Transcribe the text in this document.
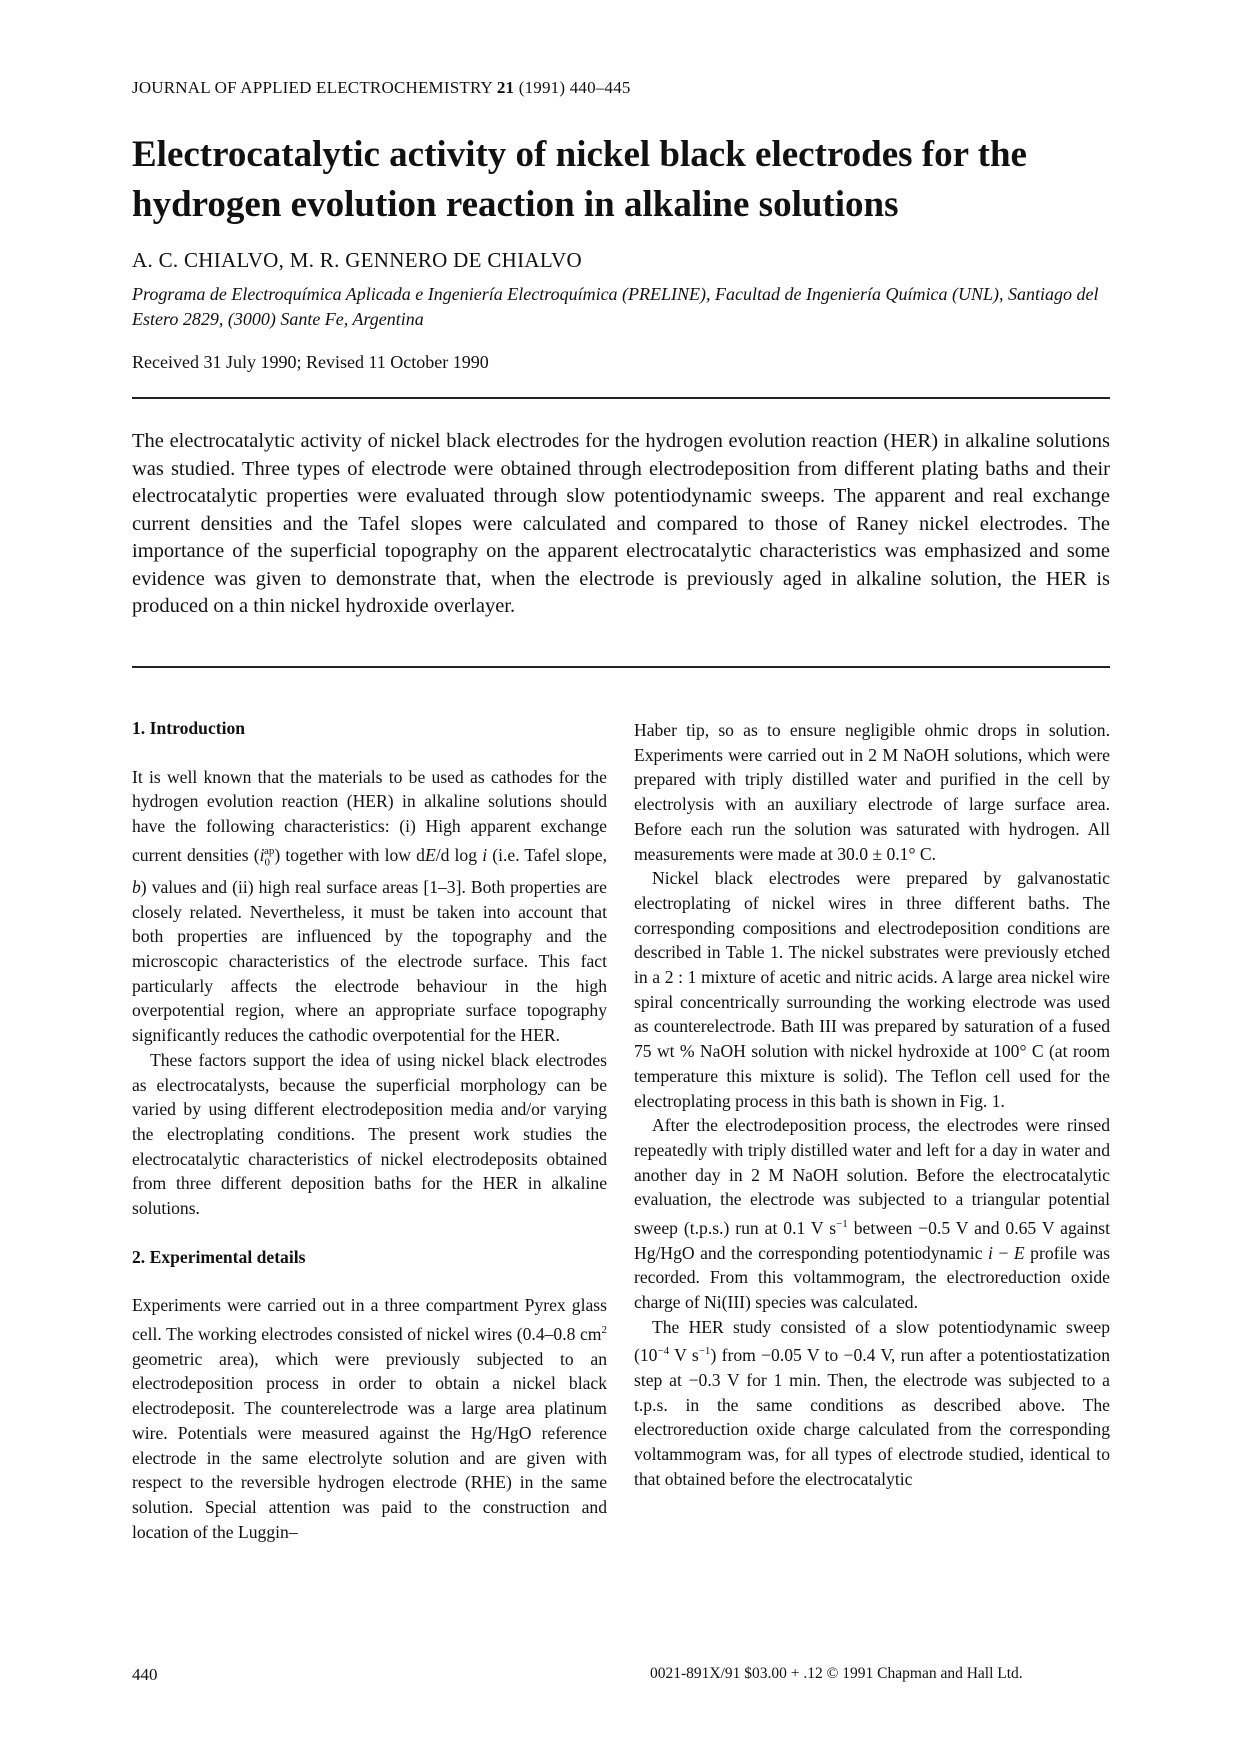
JOURNAL OF APPLIED ELECTROCHEMISTRY 21 (1991) 440–445
Electrocatalytic activity of nickel black electrodes for the hydrogen evolution reaction in alkaline solutions
A. C. CHIALVO, M. R. GENNERO DE CHIALVO
Programa de Electroquímica Aplicada e Ingeniería Electroquímica (PRELINE), Facultad de Ingeniería Química (UNL), Santiago del Estero 2829, (3000) Sante Fe, Argentina
Received 31 July 1990; Revised 11 October 1990

The electrocatalytic activity of nickel black electrodes for the hydrogen evolution reaction (HER) in alkaline solutions was studied. Three types of electrode were obtained through electrodeposition from different plating baths and their electrocatalytic properties were evaluated through slow potentiodynamic sweeps. The apparent and real exchange current densities and the Tafel slopes were calculated and compared to those of Raney nickel electrodes. The importance of the superficial topography on the apparent electrocatalytic characteristics was emphasized and some evidence was given to demonstrate that, when the electrode is previously aged in alkaline solution, the HER is produced on a thin nickel hydroxide overlayer.

1. Introduction

It is well known that the materials to be used as cathodes for the hydrogen evolution reaction (HER) in alkaline solutions should have the following characteristics: (i) High apparent exchange current densities $(i_0^{ap})$ together with low dE/d log i (i.e. Tafel slope, b) values and (ii) high real surface areas [1–3]. Both properties are closely related. Nevertheless, it must be taken into account that both properties are influenced by the topography and the microscopic characteristics of the electrode surface. This fact particularly affects the electrode behaviour in the high overpotential region, where an appropriate surface topography significantly reduces the cathodic overpotential for the HER.

These factors support the idea of using nickel black electrodes as electrocatalysts, because the superficial morphology can be varied by using different electrodeposition media and/or varying the electroplating conditions. The present work studies the electrocatalytic characteristics of nickel electrodeposits obtained from three different deposition baths for the HER in alkaline solutions.

2. Experimental details

Experiments were carried out in a three compartment Pyrex glass cell. The working electrodes consisted of nickel wires (0.4–0.8 $cm^2$ geometric area), which were previously subjected to an electrodeposition process in order to obtain a nickel black electrodeposit. The counterelectrode was a large area platinum wire. Potentials were measured against the Hg/HgO reference electrode in the same electrolyte solution and are given with respect to the reversible hydrogen electrode (RHE) in the same solution. Special attention was paid to the construction and location of the Luggin–

Haber tip, so as to ensure negligible ohmic drops in solution. Experiments were carried out in 2 M NaOH solutions, which were prepared with triply distilled water and purified in the cell by electrolysis with an auxiliary electrode of large surface area. Before each run the solution was saturated with hydrogen. All measurements were made at 30.0 ± 0.1° C.

Nickel black electrodes were prepared by galvanostatic electroplating of nickel wires in three different baths. The corresponding compositions and electrodeposition conditions are described in Table 1. The nickel substrates were previously etched in a 2 : 1 mixture of acetic and nitric acids. A large area nickel wire spiral concentrically surrounding the working electrode was used as counterelectrode. Bath III was prepared by saturation of a fused 75 wt % NaOH solution with nickel hydroxide at 100° C (at room temperature this mixture is solid). The Teflon cell used for the electroplating process in this bath is shown in Fig. 1.

After the electrodeposition process, the electrodes were rinsed repeatedly with triply distilled water and left for a day in water and another day in 2 M NaOH solution. Before the electrocatalytic evaluation, the electrode was subjected to a triangular potential sweep (t.p.s.) run at 0.1 V $s^{-1}$ between −0.5 V and 0.65 V against Hg/HgO and the corresponding potentiodynamic i − E profile was recorded. From this voltammogram, the electroreduction oxide charge of Ni(III) species was calculated.

The HER study consisted of a slow potentiodynamic sweep ($10^{-4}$ V $s^{-1}$) from −0.05 V to −0.4 V, run after a potentiostatization step at −0.3 V for 1 min. Then, the electrode was subjected to a t.p.s. in the same conditions as described above. The electroreduction oxide charge calculated from the corresponding voltammogram was, for all types of electrode studied, identical to that obtained before the electrocatalytic

440	0021-891X/91 $03.00 + .12 © 1991 Chapman and Hall Ltd.
